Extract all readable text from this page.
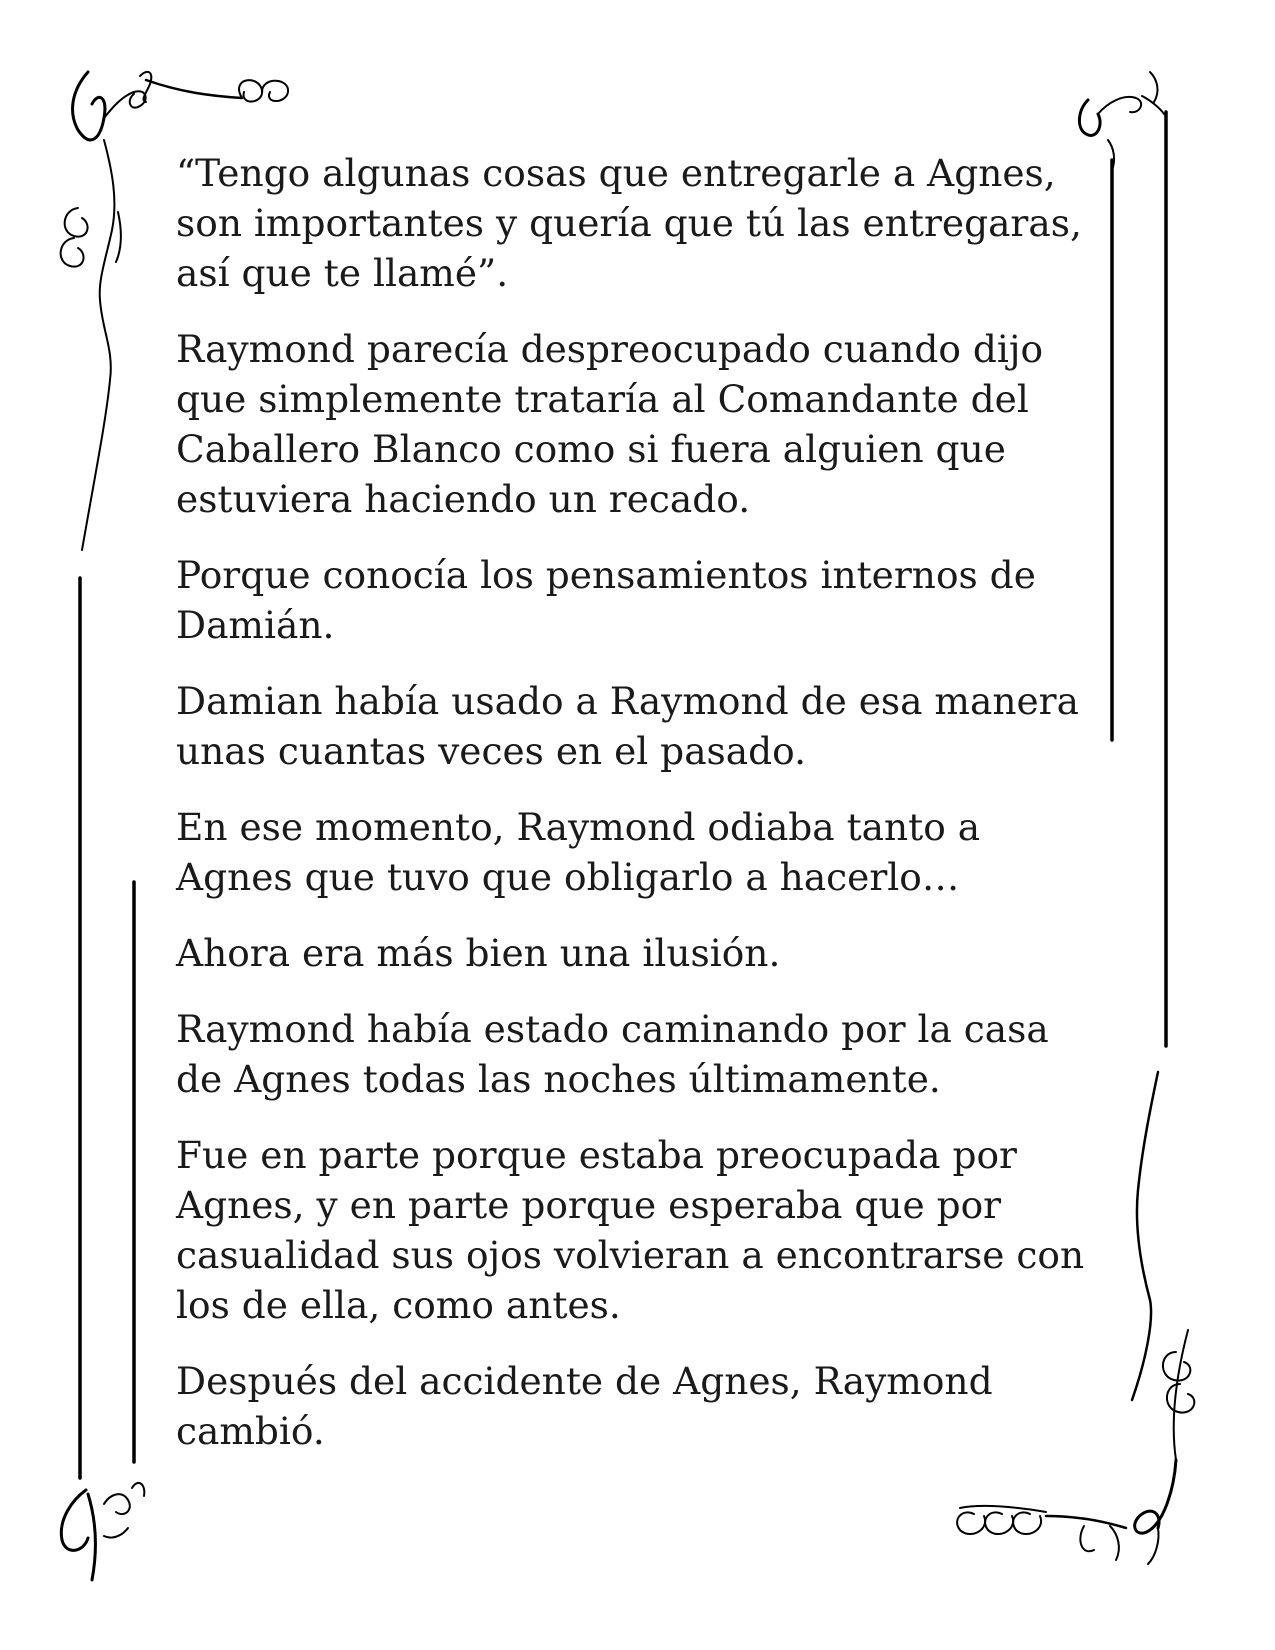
“Tengo algunas cosas que entregarle a Agnes,
son importantes y quería que tú las entregaras,
así que te llamé”.

Raymond parecía despreocupado cuando dijo
que simplemente trataría al Comandante del
Caballero Blanco como si fuera alguien que
estuviera haciendo un recado.

Porque conocía los pensamientos internos de
Damián.

Damian había usado a Raymond de esa manera
unas cuantas veces en el pasado.

En ese momento, Raymond odiaba tanto a
Agnes que tuvo que obligarlo a hacerlo…

Ahora era más bien una ilusión.

Raymond había estado caminando por la casa
de Agnes todas las noches últimamente.

Fue en parte porque estaba preocupada por
Agnes, y en parte porque esperaba que por
casualidad sus ojos volvieran a encontrarse con
los de ella, como antes.

Después del accidente de Agnes, Raymond
cambió.
